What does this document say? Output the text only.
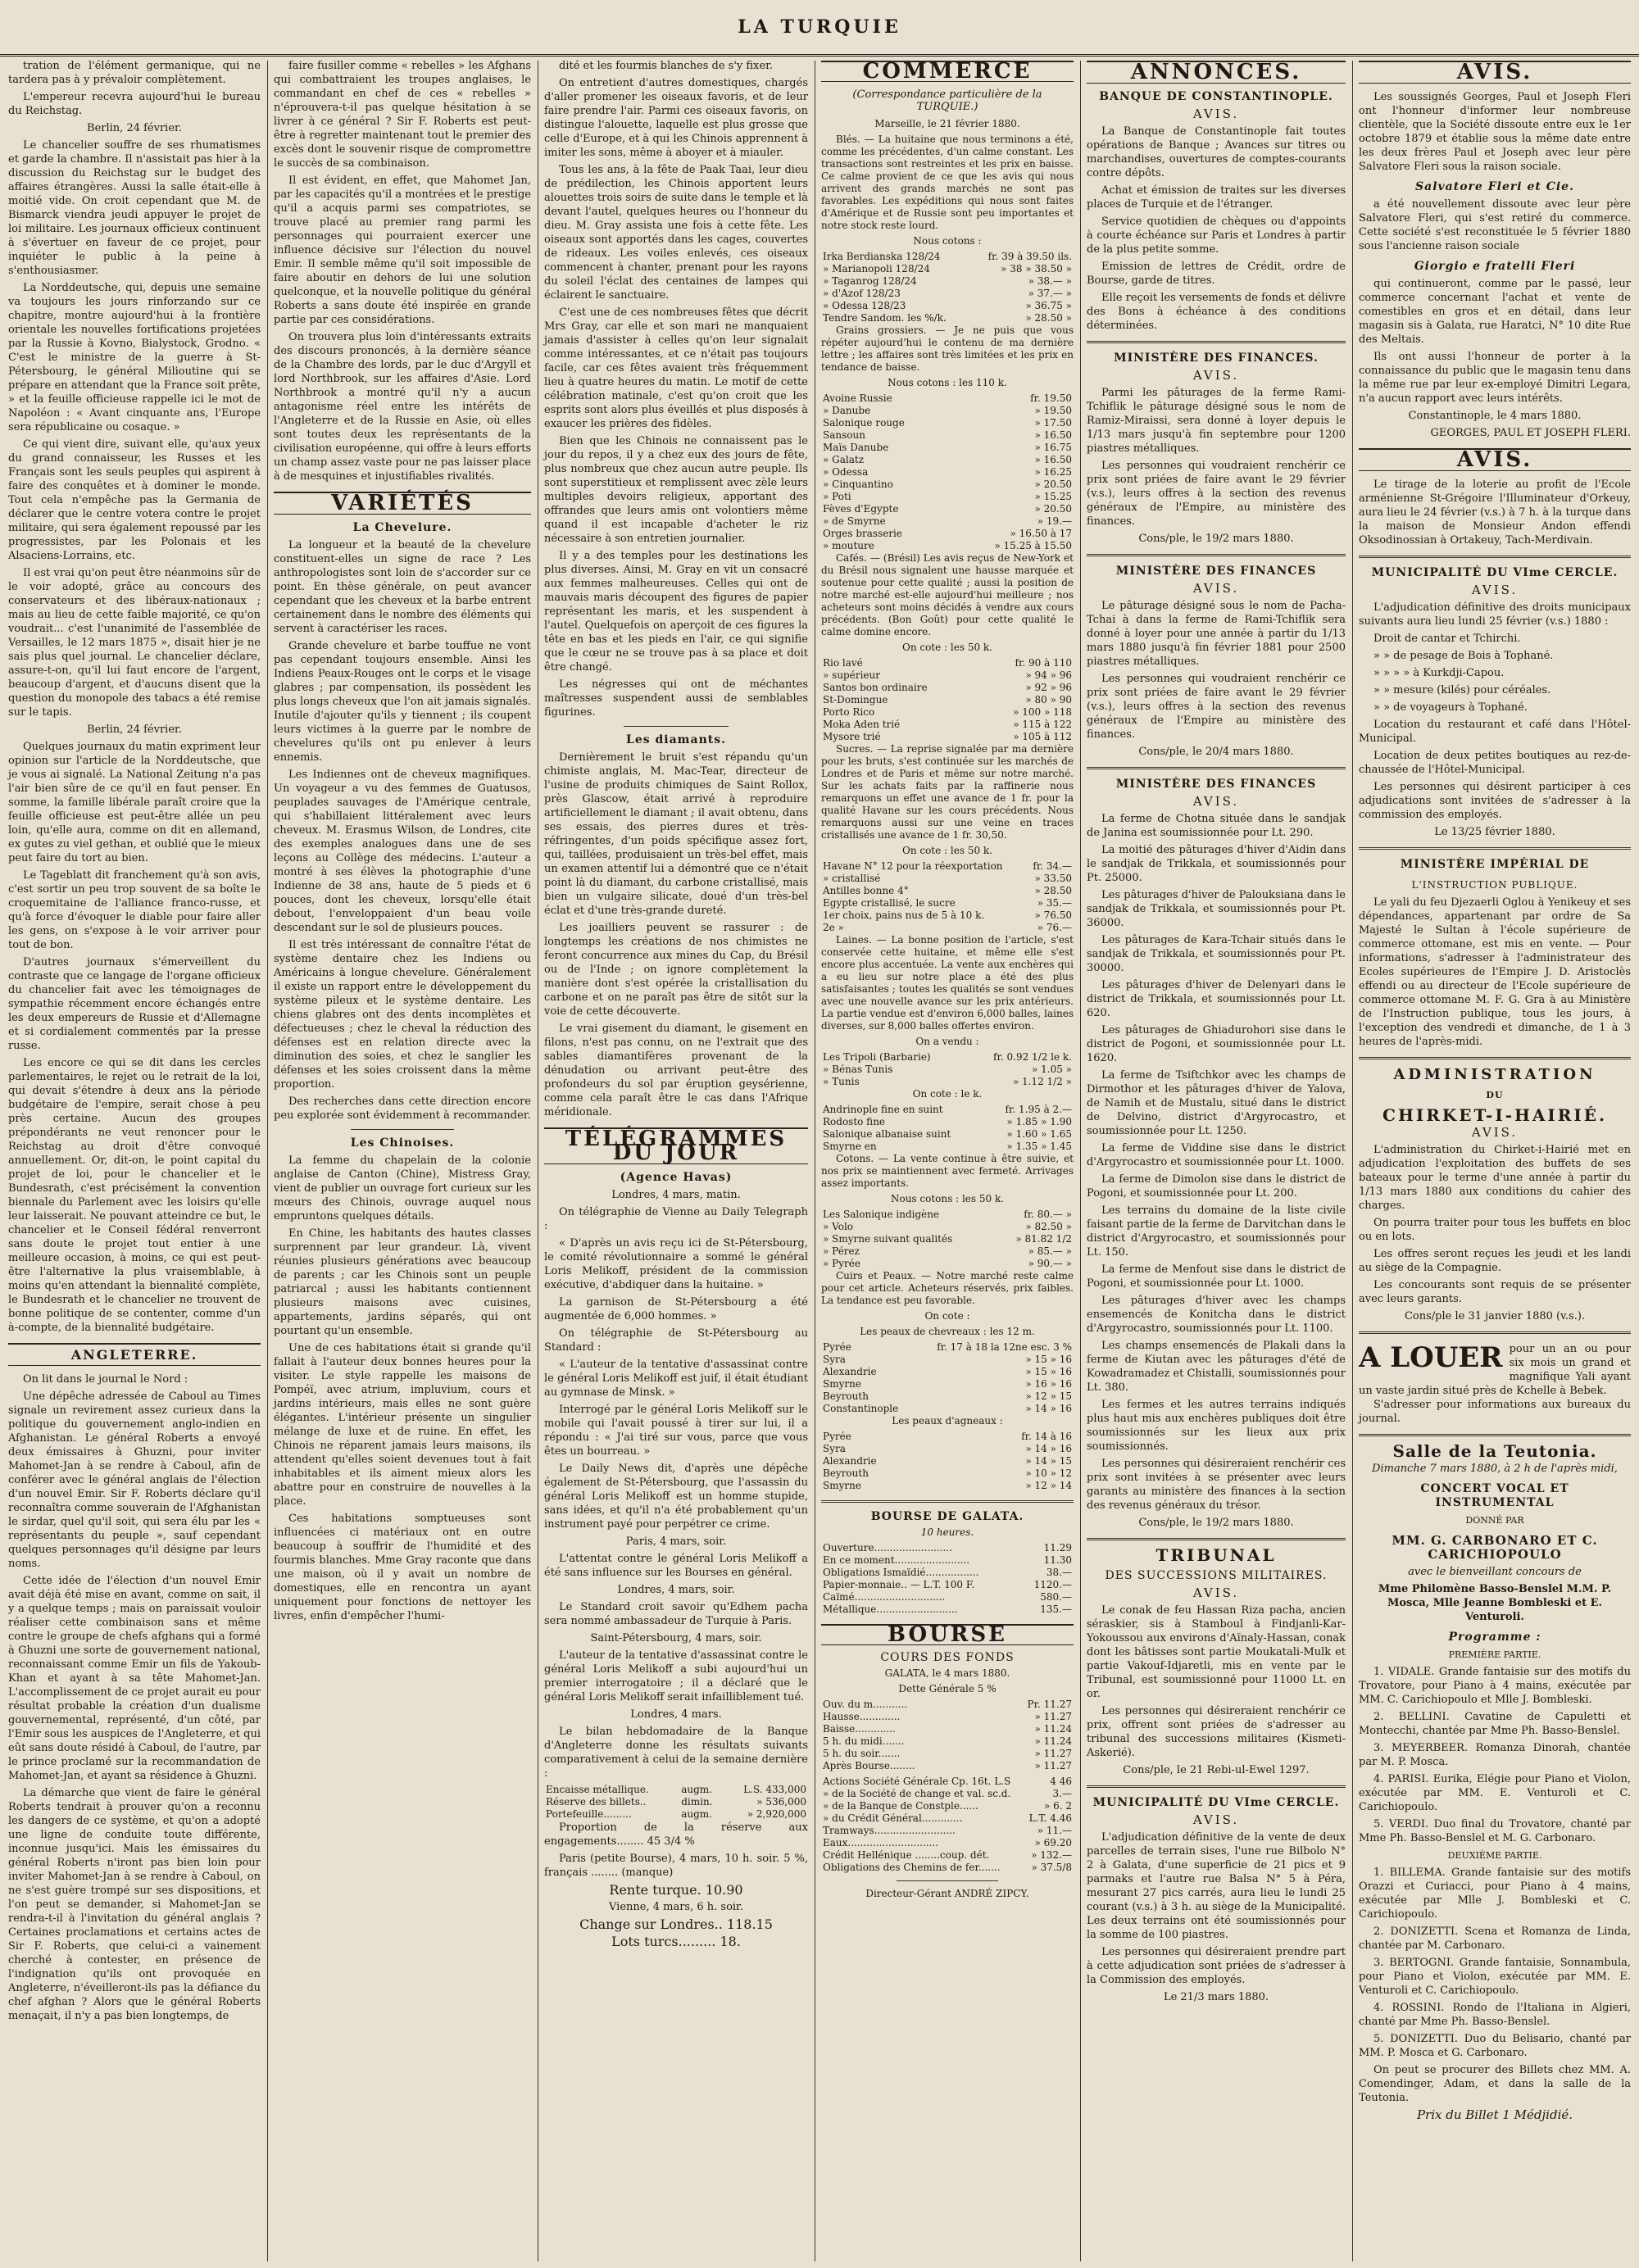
LA TURQUIE

tration de l'élément germanique, qui ne tardera pas à y prévaloir complètement.

L'empereur recevra aujourd'hui le bureau du Reichstag.

Berlin, 24 février.

Le chancelier souffre de ses rhumatismes et garde la chambre. Il n'assistait pas hier à la discussion du Reichstag sur le budget des affaires étrangères. Aussi la salle était-elle à moitié vide. On croit cependant que M. de Bismarck viendra jeudi appuyer le projet de loi militaire. Les journaux officieux continuent à s'évertuer en faveur de ce projet, pour inquiéter le public à la peine à s'enthousiasmer.

La Norddeutsche, qui, depuis une semaine va toujours les jours rinforzando sur ce chapitre, montre aujourd'hui à la frontière orientale les nouvelles fortifications projetées par la Russie à Kovno, Bialystock, Grodno. « C'est le ministre de la guerre à St-Pétersbourg, le général Milioutine qui se prépare en attendant que la France soit prête, » et la feuille officieuse rappelle ici le mot de Napoléon : « Avant cinquante ans, l'Europe sera républicaine ou cosaque. »

Ce qui vient dire, suivant elle, qu'aux yeux du grand connaisseur, les Russes et les Français sont les seuls peuples qui aspirent à faire des conquêtes et à dominer le monde. Tout cela n'empêche pas la Germania de déclarer que le centre votera contre le projet militaire, qui sera également repoussé par les progressistes, par les Polonais et les Alsaciens-Lorrains, etc.

Il est vrai qu'on peut être néanmoins sûr de le voir adopté, grâce au concours des conservateurs et des libéraux-nationaux ; mais au lieu de cette faible majorité, ce qu'on voudrait... c'est l'unanimité de l'assemblée de Versailles, le 12 mars 1875 », disait hier je ne sais plus quel journal. Le chancelier déclare, assure-t-on, qu'il lui faut encore de l'argent, beaucoup d'argent, et d'aucuns disent que la question du monopole des tabacs a été remise sur le tapis.

Berlin, 24 février.

Quelques journaux du matin expriment leur opinion sur l'article de la Norddeutsche, que je vous ai signalé. La National Zeitung n'a pas l'air bien sûre de ce qu'il en faut penser. En somme, la famille libérale paraît croire que la feuille officieuse est peut-être allée un peu loin, qu'elle aura, comme on dit en allemand, ex gutes zu viel gethan, et oublié que le mieux peut faire du tort au bien.

Le Tageblatt dit franchement qu'à son avis, c'est sortir un peu trop souvent de sa boîte le croquemitaine de l'alliance franco-russe, et qu'à force d'évoquer le diable pour faire aller les gens, on s'expose à le voir arriver pour tout de bon.

D'autres journaux s'émerveillent du contraste que ce langage de l'organe officieux du chancelier fait avec les témoignages de sympathie récemment encore échangés entre les deux empereurs de Russie et d'Allemagne et si cordialement commentés par la presse russe.

Les encore ce qui se dit dans les cercles parlementaires, le rejet ou le retrait de la loi, qui devait s'étendre à deux ans la période budgétaire de l'empire, serait chose à peu près certaine. Aucun des groupes prépondérants ne veut renoncer pour le Reichstag au droit d'être convoqué annuellement. Or, dit-on, le point capital du projet de loi, pour le chancelier et le Bundesrath, c'est précisément la convention biennale du Parlement avec les loisirs qu'elle leur laisserait. Ne pouvant atteindre ce but, le chancelier et le Conseil fédéral renverront sans doute le projet tout entier à une meilleure occasion, à moins, ce qui est peut-être l'alternative la plus vraisemblable, à moins qu'en attendant la biennalité complète, le Bundesrath et le chancelier ne trouvent de bonne politique de se contenter, comme d'un à-compte, de la biennalité budgétaire.

ANGLETERRE.

On lit dans le journal le Nord :

Une dépêche adressée de Caboul au Times signale un revirement assez curieux dans la politique du gouvernement anglo-indien en Afghanistan. Le général Roberts a envoyé deux émissaires à Ghuzni, pour inviter Mahomet-Jan à se rendre à Caboul, afin de conférer avec le général anglais de l'élection d'un nouvel Emir. Sir F. Roberts déclare qu'il reconnaîtra comme souverain de l'Afghanistan le sirdar, quel qu'il soit, qui sera élu par les « représentants du peuple », sauf cependant quelques personnages qu'il désigne par leurs noms.

Cette idée de l'élection d'un nouvel Emir avait déjà été mise en avant, comme on sait, il y a quelque temps ; mais on paraissait vouloir réaliser cette combinaison sans et même contre le groupe de chefs afghans qui a formé à Ghuzni une sorte de gouvernement national, reconnaissant comme Emir un fils de Yakoub-Khan et ayant à sa tête Mahomet-Jan. L'accomplissement de ce projet aurait eu pour résultat probable la création d'un dualisme gouvernemental, représenté, d'un côté, par l'Emir sous les auspices de l'Angleterre, et qui eût sans doute résidé à Caboul, de l'autre, par le prince proclamé sur la recommandation de Mahomet-Jan, et ayant sa résidence à Ghuzni.

La démarche que vient de faire le général Roberts tendrait à prouver qu'on a reconnu les dangers de ce système, et qu'on a adopté une ligne de conduite toute différente, inconnue jusqu'ici. Mais les émissaires du général Roberts n'iront pas bien loin pour inviter Mahomet-Jan à se rendre à Caboul, on ne s'est guère trompé sur ses dispositions, et l'on peut se demander, si Mahomet-Jan se rendra-t-il à l'invitation du général anglais ? Certaines proclamations et certains actes de Sir F. Roberts, que celui-ci a vainement cherché à contester, en présence de l'indignation qu'ils ont provoquée en Angleterre, n'éveilleront-ils pas la défiance du chef afghan ? Alors que le général Roberts menaçait, il n'y a pas bien longtemps, de

faire fusiller comme « rebelles » les Afghans qui combattraient les troupes anglaises, le commandant en chef de ces « rebelles » n'éprouvera-t-il pas quelque hésitation à se livrer à ce général ? Sir F. Roberts est peut-être à regretter maintenant tout le premier des excès dont le souvenir risque de compromettre le succès de sa combinaison.

Il est évident, en effet, que Mahomet Jan, par les capacités qu'il a montrées et le prestige qu'il a acquis parmi ses compatriotes, se trouve placé au premier rang parmi les personnages qui pourraient exercer une influence décisive sur l'élection du nouvel Emir. Il semble même qu'il soit impossible de faire aboutir en dehors de lui une solution quelconque, et la nouvelle politique du général Roberts a sans doute été inspirée en grande partie par ces considérations.

On trouvera plus loin d'intéressants extraits des discours prononcés, à la dernière séance de la Chambre des lords, par le duc d'Argyll et lord Northbrook, sur les affaires d'Asie. Lord Northbrook a montré qu'il n'y a aucun antagonisme réel entre les intérêts de l'Angleterre et de la Russie en Asie, où elles sont toutes deux les représentants de la civilisation européenne, qui offre à leurs efforts un champ assez vaste pour ne pas laisser place à de mesquines et injustifiables rivalités.

VARIÉTÉS
La Chevelure.

La longueur et la beauté de la chevelure constituent-elles un signe de race ? Les anthropologistes sont loin de s'accorder sur ce point. En thèse générale, on peut avancer cependant que les cheveux et la barbe entrent certainement dans le nombre des éléments qui servent à caractériser les races.

Grande chevelure et barbe touffue ne vont pas cependant toujours ensemble. Ainsi les Indiens Peaux-Rouges ont le corps et le visage glabres ; par compensation, ils possèdent les plus longs cheveux que l'on ait jamais signalés. Inutile d'ajouter qu'ils y tiennent ; ils coupent leurs victimes à la guerre par le nombre de chevelures qu'ils ont pu enlever à leurs ennemis.

Les Indiennes ont de cheveux magnifiques. Un voyageur a vu des femmes de Guatusos, peuplades sauvages de l'Amérique centrale, qui s'habillaient littéralement avec leurs cheveux. M. Erasmus Wilson, de Londres, cite des exemples analogues dans une de ses leçons au Collège des médecins. L'auteur a montré à ses élèves la photographie d'une Indienne de 38 ans, haute de 5 pieds et 6 pouces, dont les cheveux, lorsqu'elle était debout, l'enveloppaient d'un beau voile descendant sur le sol de plusieurs pouces.

Il est très intéressant de connaître l'état de système dentaire chez les Indiens ou Américains à longue chevelure. Généralement il existe un rapport entre le développement du système pileux et le système dentaire. Les chiens glabres ont des dents incomplètes et défectueuses ; chez le cheval la réduction des défenses est en relation directe avec la diminution des soies, et chez le sanglier les défenses et les soies croissent dans la même proportion.

Des recherches dans cette direction encore peu explorée sont évidemment à recommander.

Les Chinoises.

La femme du chapelain de la colonie anglaise de Canton (Chine), Mistress Gray, vient de publier un ouvrage fort curieux sur les mœurs des Chinois, ouvrage auquel nous empruntons quelques détails.

En Chine, les habitants des hautes classes surprennent par leur grandeur. Là, vivent réunies plusieurs générations avec beaucoup de parents ; car les Chinois sont un peuple patriarcal ; aussi les habitants contiennent plusieurs maisons avec cuisines, appartements, jardins séparés, qui ont pourtant qu'un ensemble.

Une de ces habitations était si grande qu'il fallait à l'auteur deux bonnes heures pour la visiter. Le style rappelle les maisons de Pompéï, avec atrium, impluvium, cours et jardins intérieurs, mais elles ne sont guère élégantes. L'intérieur présente un singulier mélange de luxe et de ruine. En effet, les Chinois ne réparent jamais leurs maisons, ils attendent qu'elles soient devenues tout à fait inhabitables et ils aiment mieux alors les abattre pour en construire de nouvelles à la place.

Ces habitations somptueuses sont influencées ci matériaux ont en outre beaucoup à souffrir de l'humidité et des fourmis blanches. Mme Gray raconte que dans une maison, où il y avait un nombre de domestiques, elle en rencontra un ayant uniquement pour fonctions de nettoyer les livres, enfin d'empêcher l'humi-

dité et les fourmis blanches de s'y fixer.

On entretient d'autres domestiques, chargés d'aller promener les oiseaux favoris, et de leur faire prendre l'air. Parmi ces oiseaux favoris, on distingue l'alouette, laquelle est plus grosse que celle d'Europe, et à qui les Chinois apprennent à imiter les sons, même à aboyer et à miauler.

Tous les ans, à la fête de Paak Taai, leur dieu de prédilection, les Chinois apportent leurs alouettes trois soirs de suite dans le temple et là devant l'autel, quelques heures ou l'honneur du dieu. M. Gray assista une fois à cette fête. Les oiseaux sont apportés dans les cages, couvertes de rideaux. Les voiles enlevés, ces oiseaux commencent à chanter, prenant pour les rayons du soleil l'éclat des centaines de lampes qui éclairent le sanctuaire.

C'est une de ces nombreuses fêtes que décrit Mrs Gray, car elle et son mari ne manquaient jamais d'assister à celles qu'on leur signalait comme intéressantes, et ce n'était pas toujours facile, car ces fêtes avaient très fréquemment lieu à quatre heures du matin. Le motif de cette célébration matinale, c'est qu'on croit que les esprits sont alors plus éveillés et plus disposés à exaucer les prières des fidèles.

Bien que les Chinois ne connaissent pas le jour du repos, il y a chez eux des jours de fête, plus nombreux que chez aucun autre peuple. Ils sont superstitieux et remplissent avec zèle leurs multiples devoirs religieux, apportant des offrandes que leurs amis ont volontiers même quand il est incapable d'acheter le riz nécessaire à son entretien journalier.

Il y a des temples pour les destinations les plus diverses. Ainsi, M. Gray en vit un consacré aux femmes malheureuses. Celles qui ont de mauvais maris découpent des figures de papier représentant les maris, et les suspendent à l'autel. Quelquefois on aperçoit de ces figures la tête en bas et les pieds en l'air, ce qui signifie que le cœur ne se trouve pas à sa place et doit être changé.

Les négresses qui ont de méchantes maîtresses suspendent aussi de semblables figurines.

Les diamants.

Dernièrement le bruit s'est répandu qu'un chimiste anglais, M. Mac-Tear, directeur de l'usine de produits chimiques de Saint Rollox, près Glascow, était arrivé à reproduire artificiellement le diamant ; il avait obtenu, dans ses essais, des pierres dures et très-réfringentes, d'un poids spécifique assez fort, qui, taillées, produisaient un très-bel effet, mais un examen attentif lui a démontré que ce n'était point là du diamant, du carbone cristallisé, mais bien un vulgaire silicate, doué d'un très-bel éclat et d'une très-grande dureté.

Les joailliers peuvent se rassurer : de longtemps les créations de nos chimistes ne feront concurrence aux mines du Cap, du Brésil ou de l'Inde ; on ignore complètement la manière dont s'est opérée la cristallisation du carbone et on ne paraît pas être de sitôt sur la voie de cette découverte.

Le vrai gisement du diamant, le gisement en filons, n'est pas connu, on ne l'extrait que des sables diamantifères provenant de la dénudation ou arrivant peut-être des profondeurs du sol par éruption geysérienne, comme cela paraît être le cas dans l'Afrique méridionale.

TÉLÉGRAMMES DU JOUR
(Agence Havas)

Londres, 4 mars, matin.

On télégraphie de Vienne au Daily Telegraph :

« D'après un avis reçu ici de St-Pétersbourg, le comité révolutionnaire a sommé le général Loris Melikoff, président de la commission exécutive, d'abdiquer dans la huitaine. »

La garnison de St-Pétersbourg a été augmentée de 6,000 hommes. »

On télégraphie de St-Pétersbourg au Standard :

« L'auteur de la tentative d'assassinat contre le général Loris Melikoff est juif, il était étudiant au gymnase de Minsk. »

Interrogé par le général Loris Melikoff sur le mobile qui l'avait poussé à tirer sur lui, il a répondu : « J'ai tiré sur vous, parce que vous êtes un bourreau. »

Le Daily News dit, d'après une dépêche également de St-Pétersbourg, que l'assassin du général Loris Melikoff est un homme stupide, sans idées, et qu'il n'a été probablement qu'un instrument payé pour perpétrer ce crime.

Paris, 4 mars, soir.

L'attentat contre le général Loris Melikoff a été sans influence sur les Bourses en général.

Londres, 4 mars, soir.

Le Standard croit savoir qu'Edhem pacha sera nommé ambassadeur de Turquie à Paris.

Saint-Pétersbourg, 4 mars, soir.

L'auteur de la tentative d'assassinat contre le général Loris Melikoff a subi aujourd'hui un premier interrogatoire ; il a déclaré que le général Loris Melikoff serait infailliblement tué.

Londres, 4 mars.

Le bilan hebdomadaire de la Banque d'Angleterre donne les résultats suivants comparativement à celui de la semaine dernière :

Encaisse métallique.	augm.	L.S. 433,000
Réserve des billets..	dimin.	» 536,000
Portefeuille.........	augm.	» 2,920,000

Proportion de la réserve aux engagements........ 45 3/4 %

Paris (petite Bourse), 4 mars, 10 h. soir. 5 %, français ........ (manque)

Rente turque. 10.90

Vienne, 4 mars, 6 h. soir.

Change sur Londres.. 118.15

Lots turcs......... 18.

COMMERCE
(Correspondance particulière de la TURQUIE.)

Marseille, le 21 février 1880.

Blés. — La huitaine que nous terminons a été, comme les précédentes, d'un calme constant. Les transactions sont restreintes et les prix en baisse. Ce calme provient de ce que les avis qui nous arrivent des grands marchés ne sont pas favorables. Les expéditions qui nous sont faites d'Amérique et de Russie sont peu importantes et notre stock reste lourd.

Nous cotons :

Irka Berdianska 128/24	fr. 39 à 39.50 ils.
» Marianopoli 128/24	» 38 » 38.50 »
» Taganrog 128/24	» 38.— »
» d'Azof 128/23	» 37.— »
» Odessa 128/23	» 36.75 »
Tendre Sandom. les %/k.	» 28.50 »

Grains grossiers. — Je ne puis que vous répéter aujourd'hui le contenu de ma dernière lettre ; les affaires sont très limitées et les prix en tendance de baisse.

Nous cotons : les 110 k.

Avoine Russie	fr. 19.50
» Danube	» 19.50
Salonique rouge	» 17.50
Sansoun	» 16.50
Maïs Danube	» 16.75
» Galatz	» 16.50
» Odessa	» 16.25
» Cinquantino	» 20.50
» Poti	» 15.25
Fèves d'Egypte	» 20.50
» de Smyrne	» 19.—
Orges brasserie	» 16.50 à 17
» mouture	» 15.25 à 15.50

Cafés. — (Brésil) Les avis reçus de New-York et du Brésil nous signalent une hausse marquée et soutenue pour cette qualité ; aussi la position de notre marché est-elle aujourd'hui meilleure ; nos acheteurs sont moins décidés à vendre aux cours précédents. (Bon Goût) pour cette qualité le calme domine encore.

On cote : les 50 k.

Rio lavé	fr. 90 à 110
» supérieur	» 94 » 96
Santos bon ordinaire	» 92 » 96
St-Domingue	» 80 » 90
Porto Rico	» 100 » 118
Moka Aden trié	» 115 à 122
Mysore trié	» 105 à 112

Sucres. — La reprise signalée par ma dernière pour les bruts, s'est continuée sur les marchés de Londres et de Paris et même sur notre marché. Sur les achats faits par la raffinerie nous remarquons un effet une avance de 1 fr. pour la qualité Havane sur les cours précédents. Nous remarquons aussi sur une veine en traces cristallisés une avance de 1 fr. 30,50.

On cote : les 50 k.

Havane N° 12 pour la réexportation	fr. 34.—
» cristallisé	» 33.50
Antilles bonne 4°	» 28.50
Egypte cristallisé, le sucre	» 35.—
1er choix, pains nus de 5 à 10 k.	» 76.50
2e »	» 76.—

Laines. — La bonne position de l'article, s'est conservée cette huitaine, et même elle s'est encore plus accentuée. La vente aux enchères qui a eu lieu sur notre place a été des plus satisfaisantes ; toutes les qualités se sont vendues avec une nouvelle avance sur les prix antérieurs. La partie vendue est d'environ 6,000 balles, laines diverses, sur 8,000 balles offertes environ.

On a vendu :

Les Tripoli (Barbarie)	fr. 0.92 1/2 le k.
» Bénas Tunis	» 1.05 »
» Tunis	» 1.12 1/2 »

On cote : le k.

Andrinople fine en suint	fr. 1.95 à 2.—
Rodosto fine	» 1.85 » 1.90
Salonique albanaise suint	» 1.60 » 1.65
Smyrne en	» 1.35 » 1.45

Cotons. — La vente continue à être suivie, et nos prix se maintiennent avec fermeté. Arrivages assez importants.

Nous cotons : les 50 k.

Les Salonique indigène	fr. 80.— »
» Volo	» 82.50 »
» Smyrne suivant qualités	» 81.82 1/2
» Pérez	» 85.— »
» Pyrée	» 90.— »

Cuirs et Peaux. — Notre marché reste calme pour cet article. Acheteurs réservés, prix faibles. La tendance est peu favorable.

On cote :

Les peaux de chevreaux : les 12 m.

Pyrée	fr. 17 à 18 la 12ne esc. 3 %
Syra	» 15 » 16
Alexandrie	» 15 » 16
Smyrne	» 16 » 16
Beyrouth	» 12 » 15
Constantinople	» 14 » 16

Les peaux d'agneaux :

Pyrée	fr. 14 à 16
Syra	» 14 » 16
Alexandrie	» 14 » 15
Beyrouth	» 10 » 12
Smyrne	» 12 » 14
BOURSE DE GALATA.

10 heures.

Ouverture.........................	11.29
En ce moment........................	11.30
Obligations Ismaïdié.................	38.—
Papier-monnaie.. — L.T. 100 F.	1120.—
Caïmé.............................	580.—
Métallique..........................	135.—
BOURSE
COURS DES FONDS

GALATA, le 4 mars 1880.

Dette Générale 5 %

Ouv. du m...........	Pr. 11.27
Hausse.............	» 11.27
Baisse.............	» 11.24
5 h. du midi.......	» 11.24
5 h. du soir.......	» 11.27
Après Bourse........	» 11.27
Actions Société Générale Cp. 16t. L.S	4 46
» de la Société de change et val. sc.d.	3.—
» de la Banque de Constple......	» 6. 2
» du Crédit Général.............	L.T. 4.46
Tramways..........................	» 11.—
Eaux.............................	» 69.20
Crédit Hellénique ........coup. dét.	» 132.—
Obligations des Chemins de fer.......	» 37.5/8

Directeur-Gérant ANDRÉ ZIPCY.

ANNONCES.
BANQUE DE CONSTANTINOPLE.
AVIS.

La Banque de Constantinople fait toutes opérations de Banque ; Avances sur titres ou marchandises, ouvertures de comptes-courants contre dépôts.

Achat et émission de traites sur les diverses places de Turquie et de l'étranger.

Service quotidien de chèques ou d'appoints à courte échéance sur Paris et Londres à partir de la plus petite somme.

Emission de lettres de Crédit, ordre de Bourse, garde de titres.

Elle reçoit les versements de fonds et délivre des Bons à échéance à des conditions déterminées.

MINISTÈRE DES FINANCES.
AVIS.

Parmi les pâturages de la ferme Rami-Tchiflik le pâturage désigné sous le nom de Ramiz-Miraissi, sera donné à loyer depuis le 1/13 mars jusqu'à fin septembre pour 1200 piastres métalliques.

Les personnes qui voudraient renchérir ce prix sont priées de faire avant le 29 février (v.s.), leurs offres à la section des revenus généraux de l'Empire, au ministère des finances.

Cons/ple, le 19/2 mars 1880.

MINISTÈRE DES FINANCES
AVIS.

Le pâturage désigné sous le nom de Pacha-Tchai à dans la ferme de Rami-Tchiflik sera donné à loyer pour une année à partir du 1/13 mars 1880 jusqu'à fin février 1881 pour 2500 piastres métalliques.

Les personnes qui voudraient renchérir ce prix sont priées de faire avant le 29 février (v.s.), leurs offres à la section des revenus généraux de l'Empire au ministère des finances.

Cons/ple, le 20/4 mars 1880.

MINISTÈRE DES FINANCES
AVIS.

La ferme de Chotna située dans le sandjak de Janina est soumissionnée pour Lt. 290.

La moitié des pâturages d'hiver d'Aidin dans le sandjak de Trikkala, et soumissionnés pour Pt. 25000.

Les pâturages d'hiver de Palouksiana dans le sandjak de Trikkala, et soumissionnés pour Pt. 36000.

Les pâturages de Kara-Tchair situés dans le sandjak de Trikkala, et soumissionnés pour Pt. 30000.

Les pâturages d'hiver de Delenyari dans le district de Trikkala, et soumissionnés pour Lt. 620.

Les pâturages de Ghiadurohori sise dans le district de Pogoni, et soumissionnée pour Lt. 1620.

La ferme de Tsiftchkor avec les champs de Dirmothor et les pâturages d'hiver de Yalova, de Namih et de Mustalu, situé dans le district de Delvino, district d'Argyrocastro, et soumissionnée pour Lt. 1250.

La ferme de Viddine sise dans le district d'Argyrocastro et soumissionnée pour Lt. 1000.

La ferme de Dimolon sise dans le district de Pogoni, et soumissionnée pour Lt. 200.

Les terrains du domaine de la liste civile faisant partie de la ferme de Darvitchan dans le district d'Argyrocastro, et soumissionnés pour Lt. 150.

La ferme de Menfout sise dans le district de Pogoni, et soumissionnée pour Lt. 1000.

Les pâturages d'hiver avec les champs ensemencés de Konitcha dans le district d'Argyrocastro, soumissionnés pour Lt. 1100.

Les champs ensemencés de Plakali dans la ferme de Kiutan avec les pâturages d'été de Kowadramadez et Chistalli, soumissionnés pour Lt. 380.

Les fermes et les autres terrains indiqués plus haut mis aux enchères publiques doit être soumissionnés sur les lieux aux prix soumissionnés.

Les personnes qui désireraient renchérir ces prix sont invitées à se présenter avec leurs garants au ministère des finances à la section des revenus généraux du trésor.

Cons/ple, le 19/2 mars 1880.

TRIBUNAL
DES SUCCESSIONS MILITAIRES.
AVIS.

Le conak de feu Hassan Riza pacha, ancien séraskier, sis à Stamboul à Findjanli-Kar-Yokoussou aux environs d'Aïnaly-Hassan, conak dont les bâtisses sont partie Moukatali-Mulk et partie Vakouf-Idjaretli, mis en vente par le Tribunal, est soumissionné pour 11000 Lt. en or.

Les personnes qui désireraient renchérir ce prix, offrent sont priées de s'adresser au tribunal des successions militaires (Kismeti-Askerié).

Cons/ple, le 21 Rebi-ul-Ewel 1297.

MUNICIPALITÉ DU VIme CERCLE.
AVIS.

L'adjudication définitive de la vente de deux parcelles de terrain sises, l'une rue Bilbolo N° 2 à Galata, d'une superficie de 21 pics et 9 parmaks et l'autre rue Balsa N° 5 à Péra, mesurant 27 pics carrés, aura lieu le lundi 25 courant (v.s.) à 3 h. au siège de la Municipalité. Les deux terrains ont été soumissionnés pour la somme de 100 piastres.

Les personnes qui désireraient prendre part à cette adjudication sont priées de s'adresser à la Commission des employés.

Le 21/3 mars 1880.

AVIS.

Les soussignés Georges, Paul et Joseph Fleri ont l'honneur d'informer leur nombreuse clientèle, que la Société dissoute entre eux le 1er octobre 1879 et établie sous la même date entre les deux frères Paul et Joseph avec leur père Salvatore Fleri sous la raison sociale.

Salvatore Fleri et Cie.

a été nouvellement dissoute avec leur père Salvatore Fleri, qui s'est retiré du commerce. Cette société s'est reconstituée le 5 février 1880 sous l'ancienne raison sociale

Giorgio e fratelli Fleri

qui continueront, comme par le passé, leur commerce concernant l'achat et vente de comestibles en gros et en détail, dans leur magasin sis à Galata, rue Haratci, N° 10 dite Rue des Meltais.

Ils ont aussi l'honneur de porter à la connaissance du public que le magasin tenu dans la même rue par leur ex-employé Dimitri Legara, n'a aucun rapport avec leurs intérêts.

Constantinople, le 4 mars 1880.

GEORGES, PAUL ET JOSEPH FLERI.

AVIS.

Le tirage de la loterie au profit de l'Ecole arménienne St-Grégoire l'Illuminateur d'Orkeuy, aura lieu le 24 février (v.s.) à 7 h. à la turque dans la maison de Monsieur Andon effendi Oksodinossian à Ortakeuy, Tach-Merdivain.

MUNICIPALITÉ DU VIme CERCLE.
AVIS.

L'adjudication définitive des droits municipaux suivants aura lieu lundi 25 février (v.s.) 1880 :

Droit de cantar et Tchirchi.

» » de pesage de Bois à Tophané.

» » » » à Kurkdji-Capou.

» » mesure (kilés) pour céréales.

» » de voyageurs à Tophané.

Location du restaurant et café dans l'Hôtel-Municipal.

Location de deux petites boutiques au rez-de-chaussée de l'Hôtel-Municipal.

Les personnes qui désirent participer à ces adjudications sont invitées de s'adresser à la commission des employés.

Le 13/25 février 1880.

MINISTÈRE IMPÉRIAL DE
L'INSTRUCTION PUBLIQUE.

Le yali du feu Djezaerli Oglou à Yenikeuy et ses dépendances, appartenant par ordre de Sa Majesté le Sultan à l'école supérieure de commerce ottomane, est mis en vente. — Pour informations, s'adresser à l'administrateur des Ecoles supérieures de l'Empire J. D. Aristoclès effendi ou au directeur de l'Ecole supérieure de commerce ottomane M. F. G. Gra à au Ministère de l'Instruction publique, tous les jours, à l'exception des vendredi et dimanche, de 1 à 3 heures de l'après-midi.

ADMINISTRATION
DU
CHIRKET-I-HAIRIÉ.
AVIS.

L'administration du Chirket-i-Hairié met en adjudication l'exploitation des buffets de ses bateaux pour le terme d'une année à partir du 1/13 mars 1880 aux conditions du cahier des charges.

On pourra traiter pour tous les buffets en bloc ou en lots.

Les offres seront reçues les jeudi et les landi au siège de la Compagnie.

Les concourants sont requis de se présenter avec leurs garants.

Cons/ple le 31 janvier 1880 (v.s.).

A LOUER pour un an ou pour six mois un grand et magnifique Yali ayant un vaste jardin situé près de Kchelle à Bebek.

S'adresser pour informations aux bureaux du journal.

Salle de la Teutonia.

Dimanche 7 mars 1880, à 2 h de l'après midi,

CONCERT VOCAL ET INSTRUMENTAL

DONNÉ PAR

MM. G. CARBONARO ET C. CARICHIOPOULO

avec le bienveillant concours de

Mme Philomène Basso-Benslel M.M. P. Mosca, Mlle Jeanne Bombleski et E. Venturoli.

Programme :

PREMIÈRE PARTIE.

1. VIDALE. Grande fantaisie sur des motifs du Trovatore, pour Piano à 4 mains, exécutée par MM. C. Carichiopoulo et Mlle J. Bombleski.

2. BELLINI. Cavatine de Capuletti et Montecchi, chantée par Mme Ph. Basso-Benslel.

3. MEYERBEER. Romanza Dinorah, chantée par M. P. Mosca.

4. PARISI. Eurika, Elégie pour Piano et Violon, exécutée par MM. E. Venturoli et C. Carichiopoulo.

5. VERDI. Duo final du Trovatore, chanté par Mme Ph. Basso-Benslel et M. G. Carbonaro.

DEUXIÈME PARTIE.

1. BILLEMA. Grande fantaisie sur des motifs Orazzi et Curiacci, pour Piano à 4 mains, exécutée par Mlle J. Bombleski et C. Carichiopoulo.

2. DONIZETTI. Scena et Romanza de Linda, chantée par M. Carbonaro.

3. BERTOGNI. Grande fantaisie, Sonnambula, pour Piano et Violon, exécutée par MM. E. Venturoli et C. Carichiopoulo.

4. ROSSINI. Rondo de l'Italiana in Algieri, chanté par Mme Ph. Basso-Benslel.

5. DONIZETTI. Duo du Belisario, chanté par MM. P. Mosca et G. Carbonaro.

On peut se procurer des Billets chez MM. A. Comendinger, Adam, et dans la salle de la Teutonia.

Prix du Billet 1 Médjidié.
